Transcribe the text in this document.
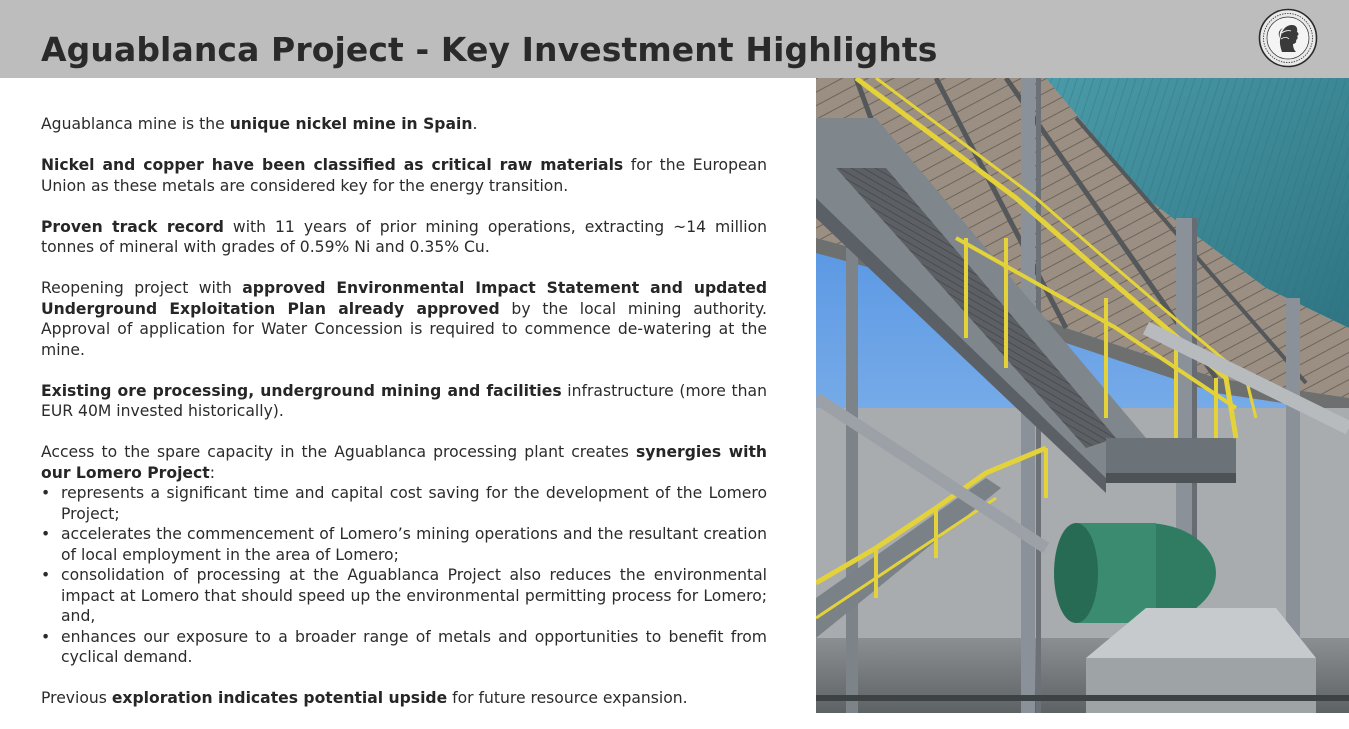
Aguablanca Project - Key Investment Highlights

Aguablanca mine is the unique nickel mine in Spain.

Nickel and copper have been classified as critical raw materials for the European Union as these metals are considered key for the energy transition.

Proven track record with 11 years of prior mining operations, extracting ~14 million tonnes of mineral with grades of 0.59% Ni and 0.35% Cu.

Reopening project with approved Environmental Impact Statement and updated Underground Exploitation Plan already approved by the local mining authority. Approval of application for Water Concession is required to commence de-watering at the mine.

Existing ore processing, underground mining and facilities infrastructure (more than EUR 40M invested historically).

Access to the spare capacity in the Aguablanca processing plant creates synergies with our Lomero Project:

• represents a significant time and capital cost saving for the development of the Lomero Project;
• accelerates the commencement of Lomero’s mining operations and the resultant creation of local employment in the area of Lomero;
• consolidation of processing at the Aguablanca Project also reduces the environmental impact at Lomero that should speed up the environmental permitting process for Lomero; and,
• enhances our exposure to a broader range of metals and opportunities to benefit from cyclical demand.

Previous exploration indicates potential upside for future resource expansion.
